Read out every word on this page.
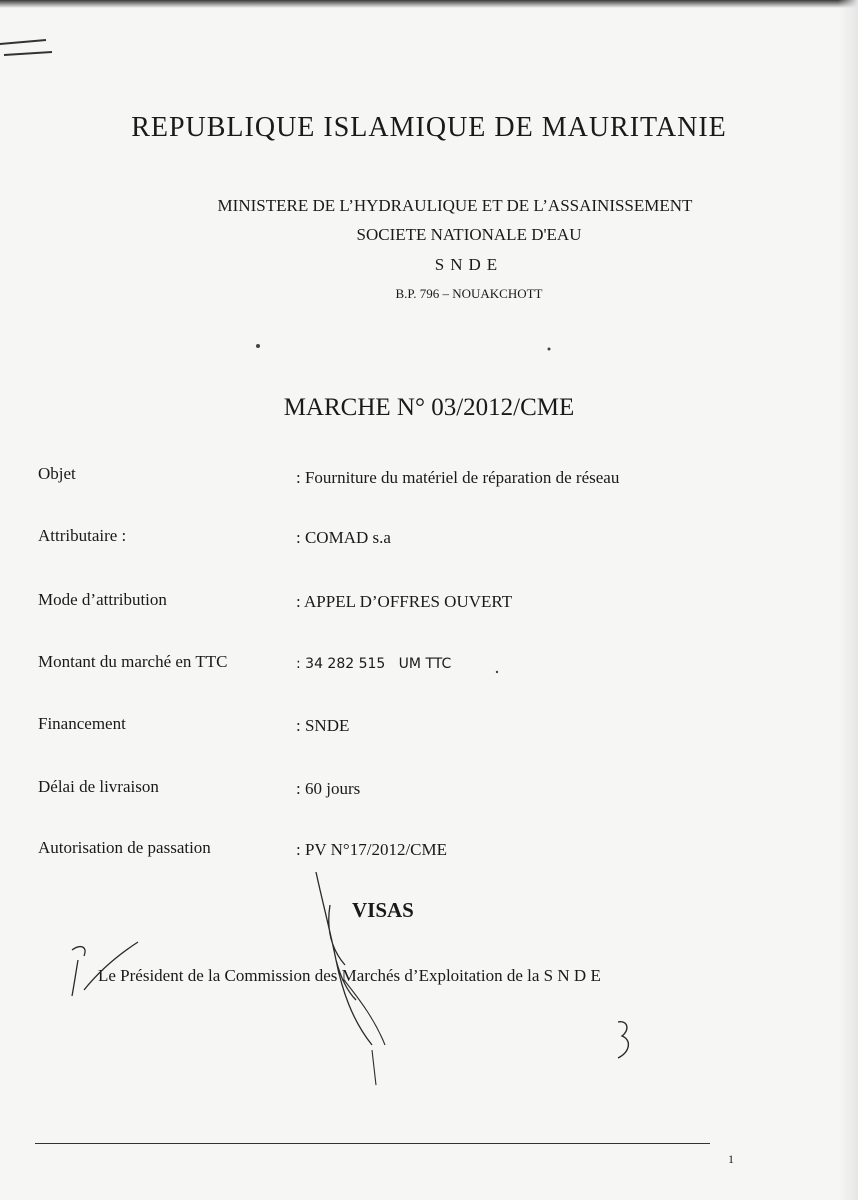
REPUBLIQUE ISLAMIQUE DE MAURITANIE
MINISTERE DE L’HYDRAULIQUE ET DE L’ASSAINISSEMENT
SOCIETE NATIONALE D'EAU
SNDE
B.P. 796 – NOUAKCHOTT
MARCHE N° 03/2012/CME
Objet	: Fourniture du matériel de réparation de réseau
Attributaire :	: COMAD s.a
Mode d’attribution	: APPEL D’OFFRES OUVERT
Montant du marché en TTC	: 34 282 515   UM TTC
Financement	: SNDE
Délai de livraison	: 60 jours
Autorisation de passation	: PV N°17/2012/CME
VISAS
Le Président de la Commission des Marchés d’Exploitation de la S N D E
1
